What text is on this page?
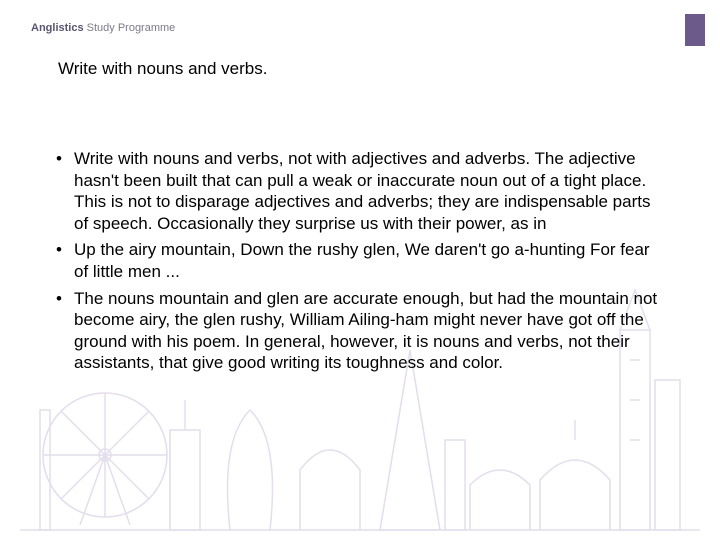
Anglistics Study Programme
Write with nouns and verbs.
• Write with nouns and verbs, not with adjectives and adverbs. The adjective hasn't been built that can pull a weak or inaccurate noun out of a tight place. This is not to disparage adjectives and adverbs; they are indispensable parts of speech. Occasionally they surprise us with their power, as in
• Up the airy mountain, Down the rushy glen, We daren't go a-hunting For fear of little men ...
• The nouns mountain and glen are accurate enough, but had the mountain not become airy, the glen rushy, William Ailing-ham might never have got off the ground with his poem. In general, however, it is nouns and verbs, not their assistants, that give good writing its toughness and color.
